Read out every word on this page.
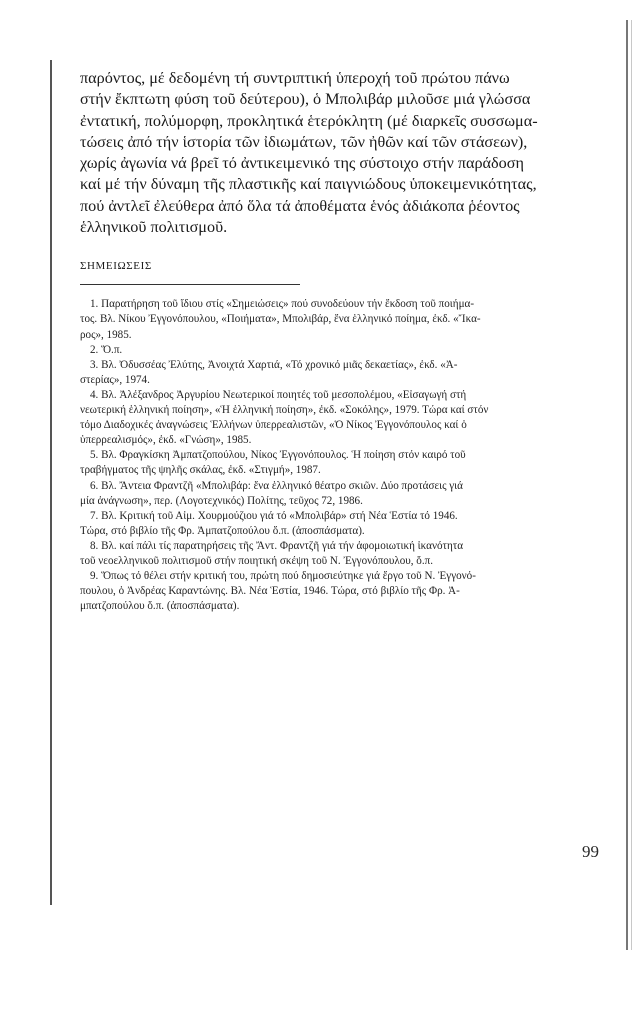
παρόντος, μέ δεδομένη τή συντριπτική ὑπεροχή τοῦ πρώτου πάνω
στήν ἔκπτωτη φύση τοῦ δεύτερου), ὁ Μπολιβάρ μιλοῦσε μιά γλώσσα
ἐντατική, πολύμορφη, προκλητικά ἑτερόκλητη (μέ διαρκεῖς συσσωμα-
τώσεις ἀπό τήν ἱστορία τῶν ἰδιωμάτων, τῶν ἠθῶν καί τῶν στάσεων),
χωρίς ἀγωνία νά βρεῖ τό ἀντικειμενικό της σύστοιχο στήν παράδοση
καί μέ τήν δύναμη τῆς πλαστικῆς καί παιγνιώδους ὑποκειμενικότητας,
πού ἀντλεῖ ἐλεύθερα ἀπό ὅλα τά ἀποθέματα ἑνός ἀδιάκοπα ῥέοντος
ἑλληνικοῦ πολιτισμοῦ.

ΣΗΜΕΙΩΣΕΙΣ
1. Παρατήρηση τοῦ ἴδιου στίς «Σημειώσεις» πού συνοδεύουν τήν ἔκδοση τοῦ ποιήμα-
τος. Βλ. Νίκου Ἐγγονόπουλου, «Ποιήματα», Μπολιβάρ, ἕνα ἑλληνικό ποίημα, ἐκδ. «Ἴκα-
ρος», 1985.
2. Ὅ.π.
3. Βλ. Ὀδυσσέας Ἐλύτης, Ἀνοιχτά Χαρτιά, «Τό χρονικό μιᾶς δεκαετίας», ἐκδ. «Ἀ-
στερίας», 1974.
4. Βλ. Ἀλέξανδρος Ἀργυρίου Νεωτερικοί ποιητές τοῦ μεσοπολέμου, «Εἰσαγωγή στή
νεωτερική ἑλληνική ποίηση», «Ἡ ἑλληνική ποίηση», ἐκδ. «Σοκόλης», 1979. Τώρα καί στόν
τόμο Διαδοχικές ἀναγνώσεις Ἑλλήνων ὑπερρεαλιστῶν, «Ὁ Νίκος Ἐγγονόπουλος καί ὁ
ὑπερρεαλισμός», ἐκδ. «Γνώση», 1985.
5. Βλ. Φραγκίσκη Ἀμπατζοπούλου, Νίκος Ἐγγονόπουλος. Ἡ ποίηση στόν καιρό τοῦ
τραβήγματος τῆς ψηλῆς σκάλας, ἐκδ. «Στιγμή», 1987.
6. Βλ. Ἄντεια Φραντζῆ «Μπολιβάρ: ἕνα ἑλληνικό θέατρο σκιῶν. Δύο προτάσεις γιά
μία ἀνάγνωση», περ. (Λογοτεχνικός) Πολίτης, τεῦχος 72, 1986.
7. Βλ. Κριτική τοῦ Αἰμ. Χουρμούζιου γιά τό «Μπολιβάρ» στή Νέα Ἑστία τό 1946.
Τώρα, στό βιβλίο τῆς Φρ. Ἀμπατζοπούλου ὅ.π. (ἀποσπάσματα).
8. Βλ. καί πάλι τίς παρατηρήσεις τῆς Ἄντ. Φραντζῆ γιά τήν ἀφομοιωτική ἱκανότητα
τοῦ νεοελληνικοῦ πολιτισμοῦ στήν ποιητική σκέψη τοῦ Ν. Ἐγγονόπουλου, ὅ.π.
9. Ὅπως τό θέλει στήν κριτική του, πρώτη πού δημοσιεύτηκε γιά ἔργο τοῦ Ν. Ἐγγονό-
πουλου, ὁ Ἀνδρέας Καραντώνης. Βλ. Νέα Ἑστία, 1946. Τώρα, στό βιβλίο τῆς Φρ. Ἀ-
μπατζοπούλου ὅ.π. (ἀποσπάσματα).
99
